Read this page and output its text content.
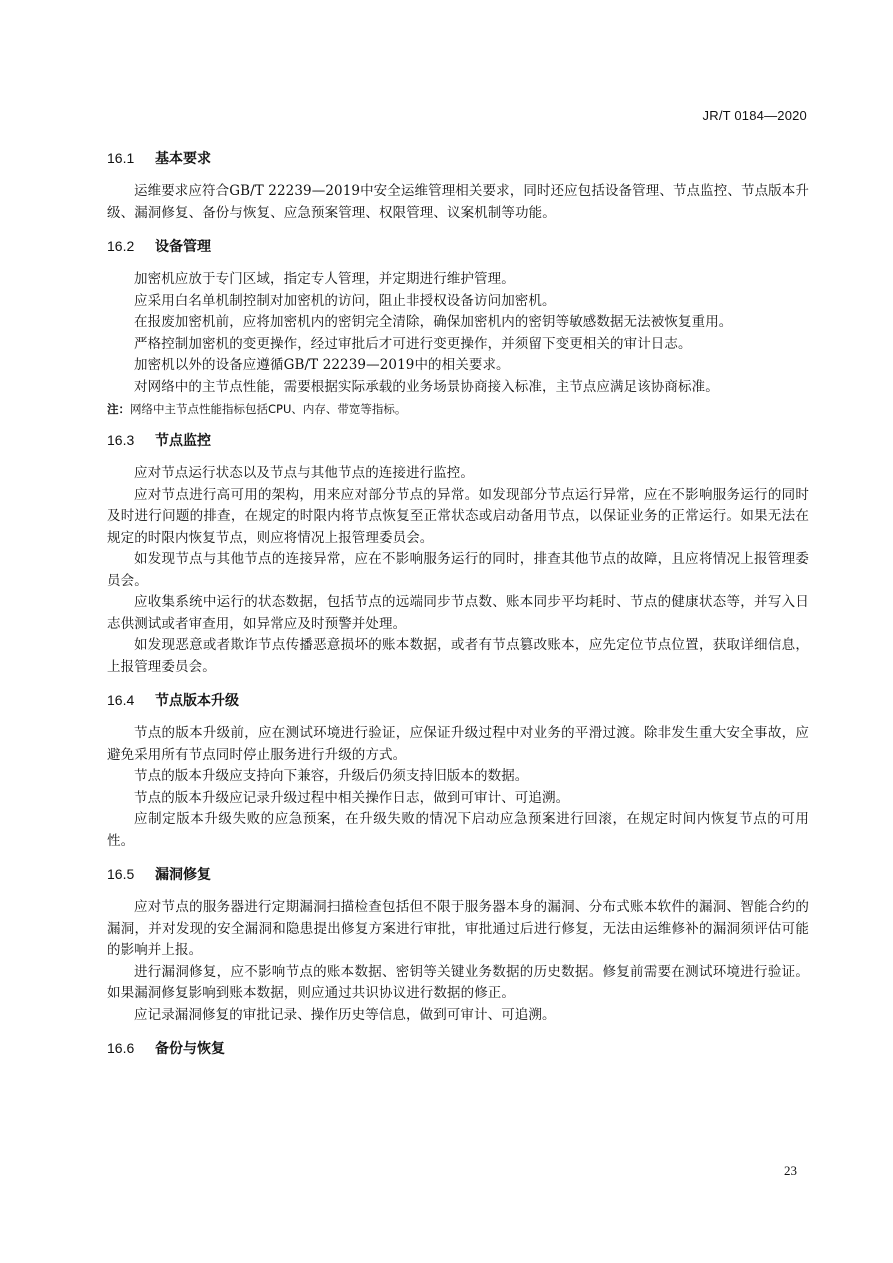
JR/T 0184—2020
16.1 基本要求

运维要求应符合GB/T 22239—2019中安全运维管理相关要求，同时还应包括设备管理、节点监控、节点版本升级、漏洞修复、备份与恢复、应急预案管理、权限管理、议案机制等功能。

16.2 设备管理

加密机应放于专门区域，指定专人管理，并定期进行维护管理。

应采用白名单机制控制对加密机的访问，阻止非授权设备访问加密机。

在报废加密机前，应将加密机内的密钥完全清除，确保加密机内的密钥等敏感数据无法被恢复重用。

严格控制加密机的变更操作，经过审批后才可进行变更操作，并须留下变更相关的审计日志。

加密机以外的设备应遵循GB/T 22239—2019中的相关要求。

对网络中的主节点性能，需要根据实际承载的业务场景协商接入标准，主节点应满足该协商标准。

注：网络中主节点性能指标包括CPU、内存、带宽等指标。

16.3 节点监控

应对节点运行状态以及节点与其他节点的连接进行监控。

应对节点进行高可用的架构，用来应对部分节点的异常。如发现部分节点运行异常，应在不影响服务运行的同时及时进行问题的排查，在规定的时限内将节点恢复至正常状态或启动备用节点，以保证业务的正常运行。如果无法在规定的时限内恢复节点，则应将情况上报管理委员会。

如发现节点与其他节点的连接异常，应在不影响服务运行的同时，排查其他节点的故障，且应将情况上报管理委员会。

应收集系统中运行的状态数据，包括节点的远端同步节点数、账本同步平均耗时、节点的健康状态等，并写入日志供测试或者审查用，如异常应及时预警并处理。

如发现恶意或者欺诈节点传播恶意损坏的账本数据，或者有节点篡改账本，应先定位节点位置，获取详细信息，上报管理委员会。

16.4 节点版本升级

节点的版本升级前，应在测试环境进行验证，应保证升级过程中对业务的平滑过渡。除非发生重大安全事故，应避免采用所有节点同时停止服务进行升级的方式。

节点的版本升级应支持向下兼容，升级后仍须支持旧版本的数据。

节点的版本升级应记录升级过程中相关操作日志，做到可审计、可追溯。

应制定版本升级失败的应急预案，在升级失败的情况下启动应急预案进行回滚，在规定时间内恢复节点的可用性。

16.5 漏洞修复

应对节点的服务器进行定期漏洞扫描检查包括但不限于服务器本身的漏洞、分布式账本软件的漏洞、智能合约的漏洞，并对发现的安全漏洞和隐患提出修复方案进行审批，审批通过后进行修复，无法由运维修补的漏洞须评估可能的影响并上报。

进行漏洞修复，应不影响节点的账本数据、密钥等关键业务数据的历史数据。修复前需要在测试环境进行验证。如果漏洞修复影响到账本数据，则应通过共识协议进行数据的修正。

应记录漏洞修复的审批记录、操作历史等信息，做到可审计、可追溯。

16.6 备份与恢复
23
